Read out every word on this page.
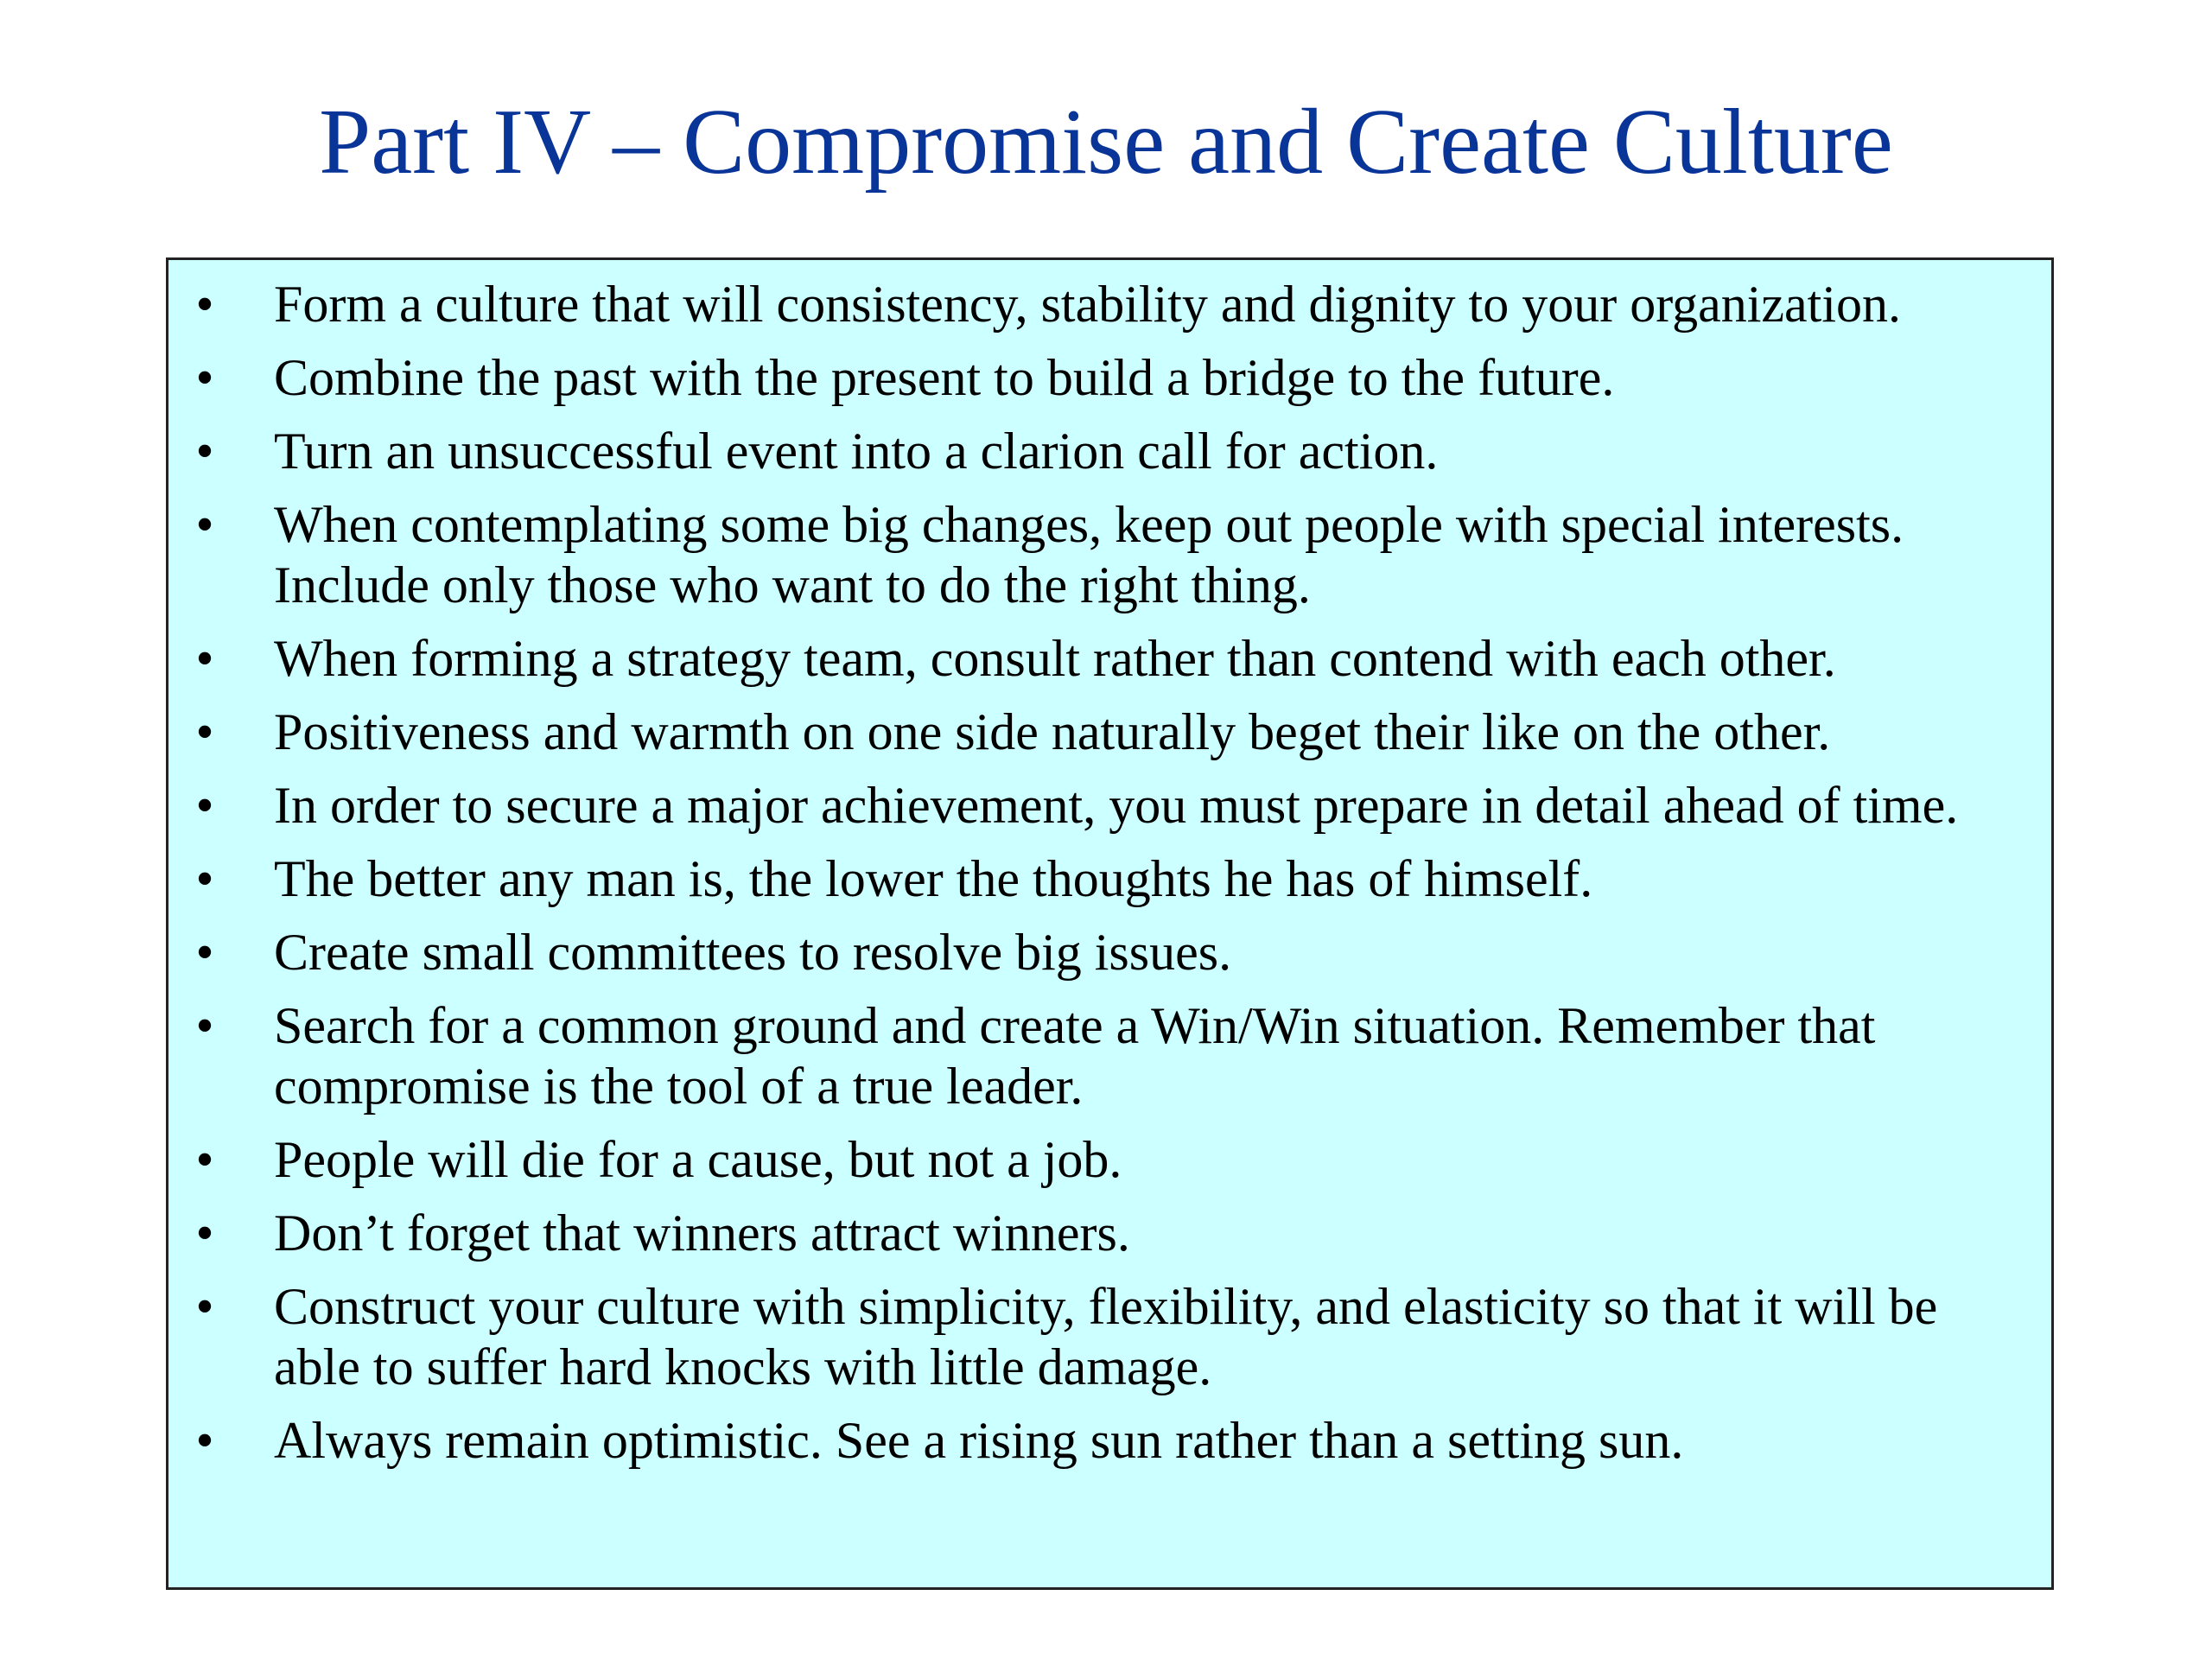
Part IV – Compromise and Create Culture
• Form a culture that will consistency, stability and dignity to your organization.
• Combine the past with the present to build a bridge to the future.
• Turn an unsuccessful event into a clarion call for action.
• When contemplating some big changes, keep out people with special interests. Include only those who want to do the right thing.
• When forming a strategy team, consult rather than contend with each other.
• Positiveness and warmth on one side naturally beget their like on the other.
• In order to secure a major achievement, you must prepare in detail ahead of time.
• The better any man is, the lower the thoughts he has of himself.
• Create small committees to resolve big issues.
• Search for a common ground and create a Win/Win situation. Remember that compromise is the tool of a true leader.
• People will die for a cause, but not a job.
• Don’t forget that winners attract winners.
• Construct your culture with simplicity, flexibility, and elasticity so that it will be able to suffer hard knocks with little damage.
• Always remain optimistic. See a rising sun rather than a setting sun.
